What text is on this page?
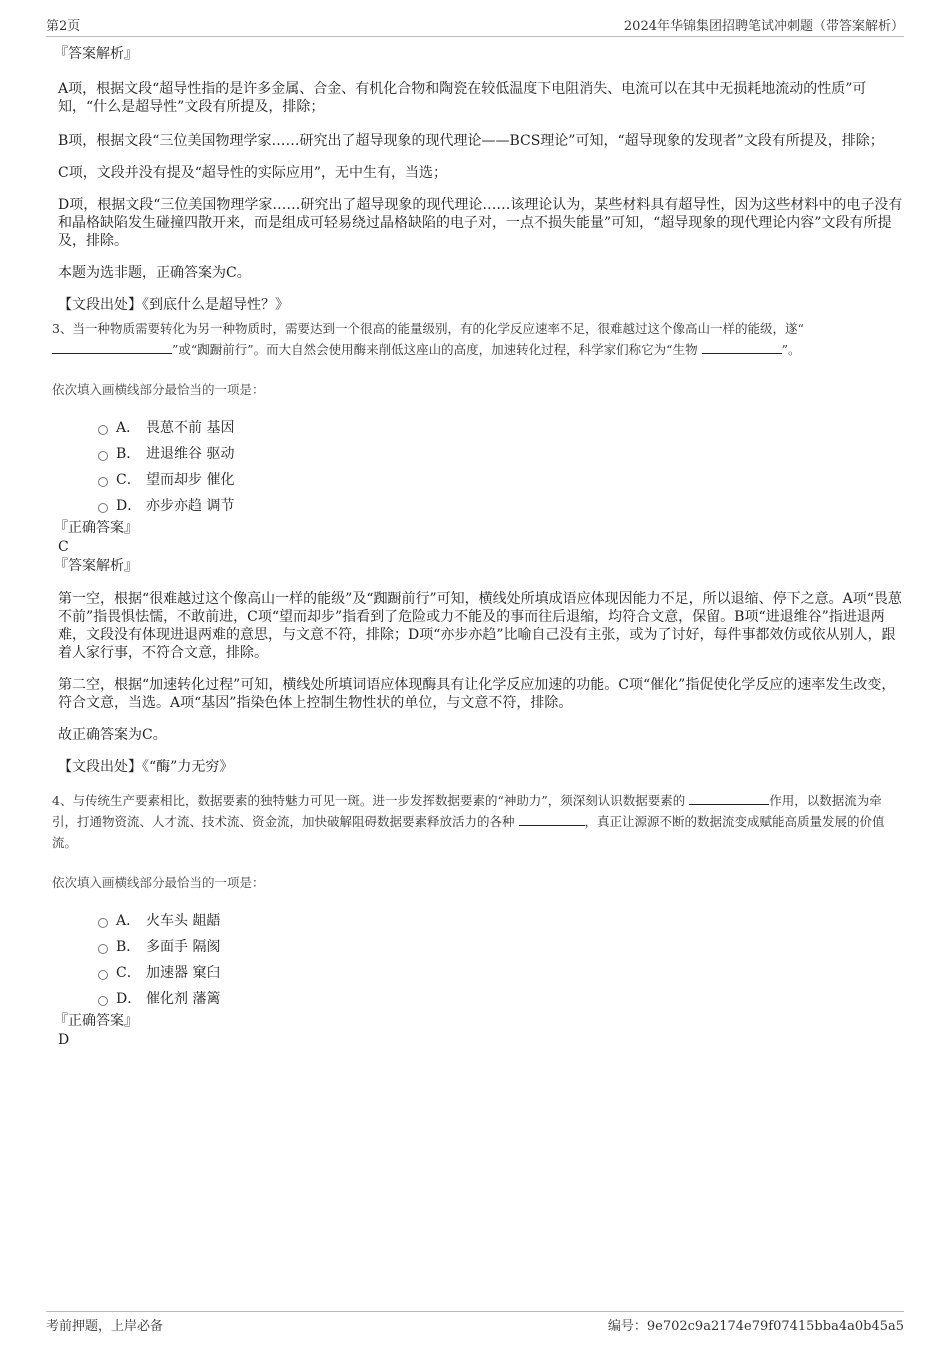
第2页	2024年华锦集团招聘笔试冲刺题（带答案解析）
『答案解析』

A项，根据文段“超导性指的是许多金属、合金、有机化合物和陶瓷在较低温度下电阻消失、电流可以在其中无损耗地流动的性质”可知，“什么是超导性”文段有所提及，排除；

B项，根据文段“三位美国物理学家……研究出了超导现象的现代理论——BCS理论”可知，“超导现象的发现者”文段有所提及，排除；

C项，文段并没有提及“超导性的实际应用”，无中生有，当选；

D项，根据文段“三位美国物理学家……研究出了超导现象的现代理论……该理论认为，某些材料具有超导性，因为这些材料中的电子没有和晶格缺陷发生碰撞四散开来，而是组成可轻易绕过晶格缺陷的电子对，一点不损失能量”可知，“超导现象的现代理论内容”文段有所提及，排除。

本题为选非题，正确答案为C。

【文段出处】《到底什么是超导性？》

3、当一种物质需要转化为另一种物质时，需要达到一个很高的能量级别，有的化学反应速率不足，很难越过这个像高山一样的能级，遂“”或“踟蹰前行”。而大自然会使用酶来削低这座山的高度，加速转化过程，科学家们称它为“生物	”。

依次填入画横线部分最恰当的一项是：

A． 畏葸不前 基因
B． 进退维谷 驱动
C． 望而却步 催化
D． 亦步亦趋 调节
『正确答案』
C
『答案解析』

第一空，根据“很难越过这个像高山一样的能级”及“踟蹰前行”可知，横线处所填成语应体现因能力不足，所以退缩、停下之意。A项“畏葸不前”指畏惧怯懦，不敢前进，C项“望而却步”指看到了危险或力不能及的事而往后退缩，均符合文意，保留。B项“进退维谷”指进退两难，文段没有体现进退两难的意思，与文意不符，排除；D项“亦步亦趋”比喻自己没有主张，或为了讨好，每件事都效仿或依从别人，跟着人家行事，不符合文意，排除。

第二空，根据“加速转化过程”可知，横线处所填词语应体现酶具有让化学反应加速的功能。C项“催化”指促使化学反应的速率发生改变，符合文意，当选。A项“基因”指染色体上控制生物性状的单位，与文意不符，排除。

故正确答案为C。

【文段出处】《“酶”力无穷》

4、与传统生产要素相比，数据要素的独特魅力可见一斑。进一步发挥数据要素的“神助力”，须深刻认识数据要素的	作用，以数据流为牵引，打通物资流、人才流、技术流、资金流，加快破解阻碍数据要素释放活力的各种	，真正让源源不断的数据流变成赋能高质量发展的价值流。

依次填入画横线部分最恰当的一项是：

A． 火车头 龃龉
B． 多面手 隔阂
C． 加速器 窠臼
D． 催化剂 藩篱
『正确答案』
D
考前押题，上岸必备	编号：9e702c9a2174e79f07415bba4a0b45a5
